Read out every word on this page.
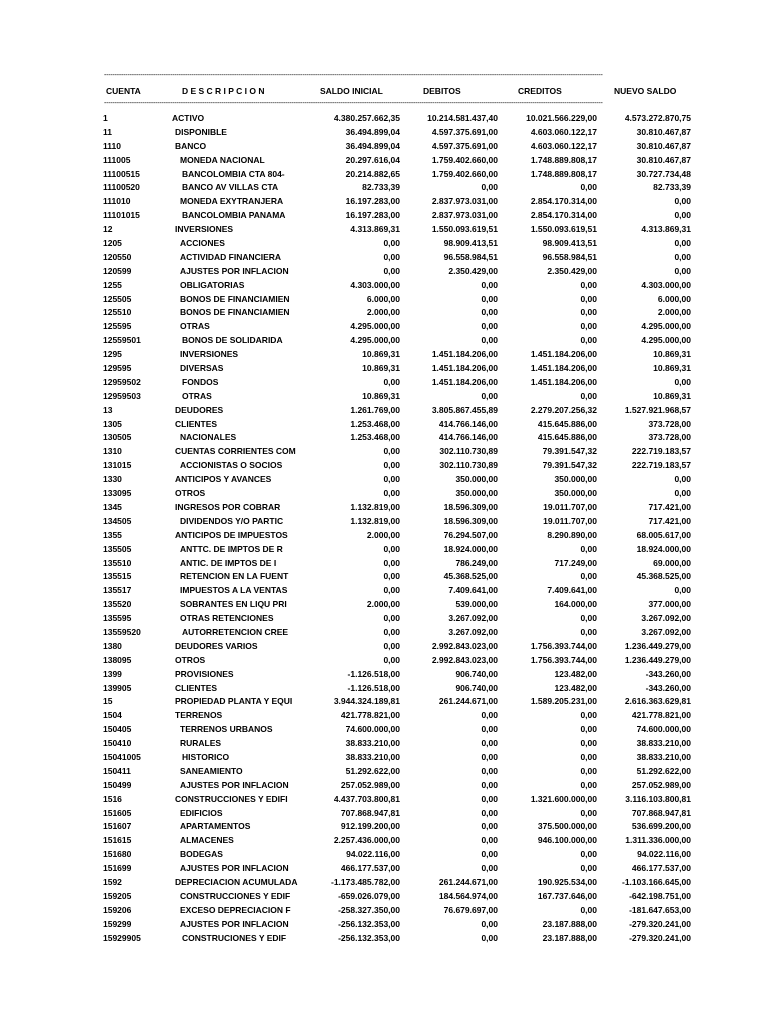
------------------------------------------------------------------------------------------------------------------------------------------------------------------------------------------------------------------------------------------
CUENTA	D E S C R I P C I O N	SALDO INICIAL	DEBITOS	CREDITOS	NUEVO SALDO
------------------------------------------------------------------------------------------------------------------------------------------------------------------------------------------------------------------------------------------
1	ACTIVO	4.380.257.662,35	10.214.581.437,40	10.021.566.229,00	4.573.272.870,75
11	DISPONIBLE	36.494.899,04	4.597.375.691,00	4.603.060.122,17	30.810.467,87
1110	BANCO	36.494.899,04	4.597.375.691,00	4.603.060.122,17	30.810.467,87
111005	MONEDA NACIONAL	20.297.616,04	1.759.402.660,00	1.748.889.808,17	30.810.467,87
11100515	BANCOLOMBIA CTA 804-	20.214.882,65	1.759.402.660,00	1.748.889.808,17	30.727.734,48
11100520	BANCO AV VILLAS CTA	82.733,39	0,00	0,00	82.733,39
111010	MONEDA EXYTRANJERA	16.197.283,00	2.837.973.031,00	2.854.170.314,00	0,00
11101015	BANCOLOMBIA PANAMA	16.197.283,00	2.837.973.031,00	2.854.170.314,00	0,00
12	INVERSIONES	4.313.869,31	1.550.093.619,51	1.550.093.619,51	4.313.869,31
1205	ACCIONES	0,00	98.909.413,51	98.909.413,51	0,00
120550	ACTIVIDAD FINANCIERA	0,00	96.558.984,51	96.558.984,51	0,00
120599	AJUSTES POR INFLACION	0,00	2.350.429,00	2.350.429,00	0,00
1255	OBLIGATORIAS	4.303.000,00	0,00	0,00	4.303.000,00
125505	BONOS DE FINANCIAMIEN	6.000,00	0,00	0,00	6.000,00
125510	BONOS DE FINANCIAMIEN	2.000,00	0,00	0,00	2.000,00
125595	OTRAS	4.295.000,00	0,00	0,00	4.295.000,00
12559501	BONOS DE SOLIDARIDA	4.295.000,00	0,00	0,00	4.295.000,00
1295	INVERSIONES	10.869,31	1.451.184.206,00	1.451.184.206,00	10.869,31
129595	DIVERSAS	10.869,31	1.451.184.206,00	1.451.184.206,00	10.869,31
12959502	FONDOS	0,00	1.451.184.206,00	1.451.184.206,00	0,00
12959503	OTRAS	10.869,31	0,00	0,00	10.869,31
13	DEUDORES	1.261.769,00	3.805.867.455,89	2.279.207.256,32	1.527.921.968,57
1305	CLIENTES	1.253.468,00	414.766.146,00	415.645.886,00	373.728,00
130505	NACIONALES	1.253.468,00	414.766.146,00	415.645.886,00	373.728,00
1310	CUENTAS CORRIENTES COM	0,00	302.110.730,89	79.391.547,32	222.719.183,57
131015	ACCIONISTAS O SOCIOS	0,00	302.110.730,89	79.391.547,32	222.719.183,57
1330	ANTICIPOS Y AVANCES	0,00	350.000,00	350.000,00	0,00
133095	OTROS	0,00	350.000,00	350.000,00	0,00
1345	INGRESOS POR COBRAR	1.132.819,00	18.596.309,00	19.011.707,00	717.421,00
134505	DIVIDENDOS Y/O PARTIC	1.132.819,00	18.596.309,00	19.011.707,00	717.421,00
1355	ANTICIPOS DE IMPUESTOS	2.000,00	76.294.507,00	8.290.890,00	68.005.617,00
135505	ANTTC. DE IMPTOS DE R	0,00	18.924.000,00	0,00	18.924.000,00
135510	ANTIC. DE IMPTOS DE I	0,00	786.249,00	717.249,00	69.000,00
135515	RETENCION EN LA FUENT	0,00	45.368.525,00	0,00	45.368.525,00
135517	IMPUESTOS A LA VENTAS	0,00	7.409.641,00	7.409.641,00	0,00
135520	SOBRANTES EN LIQU PRI	2.000,00	539.000,00	164.000,00	377.000,00
135595	OTRAS RETENCIONES	0,00	3.267.092,00	0,00	3.267.092,00
13559520	AUTORRETENCION CREE	0,00	3.267.092,00	0,00	3.267.092,00
1380	DEUDORES VARIOS	0,00	2.992.843.023,00	1.756.393.744,00	1.236.449.279,00
138095	OTROS	0,00	2.992.843.023,00	1.756.393.744,00	1.236.449.279,00
1399	PROVISIONES	-1.126.518,00	906.740,00	123.482,00	-343.260,00
139905	CLIENTES	-1.126.518,00	906.740,00	123.482,00	-343.260,00
15	PROPIEDAD PLANTA Y EQUI	3.944.324.189,81	261.244.671,00	1.589.205.231,00	2.616.363.629,81
1504	TERRENOS	421.778.821,00	0,00	0,00	421.778.821,00
150405	TERRENOS URBANOS	74.600.000,00	0,00	0,00	74.600.000,00
150410	RURALES	38.833.210,00	0,00	0,00	38.833.210,00
15041005	HISTORICO	38.833.210,00	0,00	0,00	38.833.210,00
150411	SANEAMIENTO	51.292.622,00	0,00	0,00	51.292.622,00
150499	AJUSTES POR INFLACION	257.052.989,00	0,00	0,00	257.052.989,00
1516	CONSTRUCCIONES Y EDIFI	4.437.703.800,81	0,00	1.321.600.000,00	3.116.103.800,81
151605	EDIFICIOS	707.868.947,81	0,00	0,00	707.868.947,81
151607	APARTAMENTOS	912.199.200,00	0,00	375.500.000,00	536.699.200,00
151615	ALMACENES	2.257.436.000,00	0,00	946.100.000,00	1.311.336.000,00
151680	BODEGAS	94.022.116,00	0,00	0,00	94.022.116,00
151699	AJUSTES POR INFLACION	466.177.537,00	0,00	0,00	466.177.537,00
1592	DEPRECIACION ACUMULADA	-1.173.485.782,00	261.244.671,00	190.925.534,00	-1.103.166.645,00
159205	CONSTRUCCIONES Y EDIF	-659.026.079,00	184.564.974,00	167.737.646,00	-642.198.751,00
159206	EXCESO DEPRECIACION F	-258.327.350,00	76.679.697,00	0,00	-181.647.653,00
159299	AJUSTES POR INFLACION	-256.132.353,00	0,00	23.187.888,00	-279.320.241,00
15929905	CONSTRUCIONES Y EDIF	-256.132.353,00	0,00	23.187.888,00	-279.320.241,00
